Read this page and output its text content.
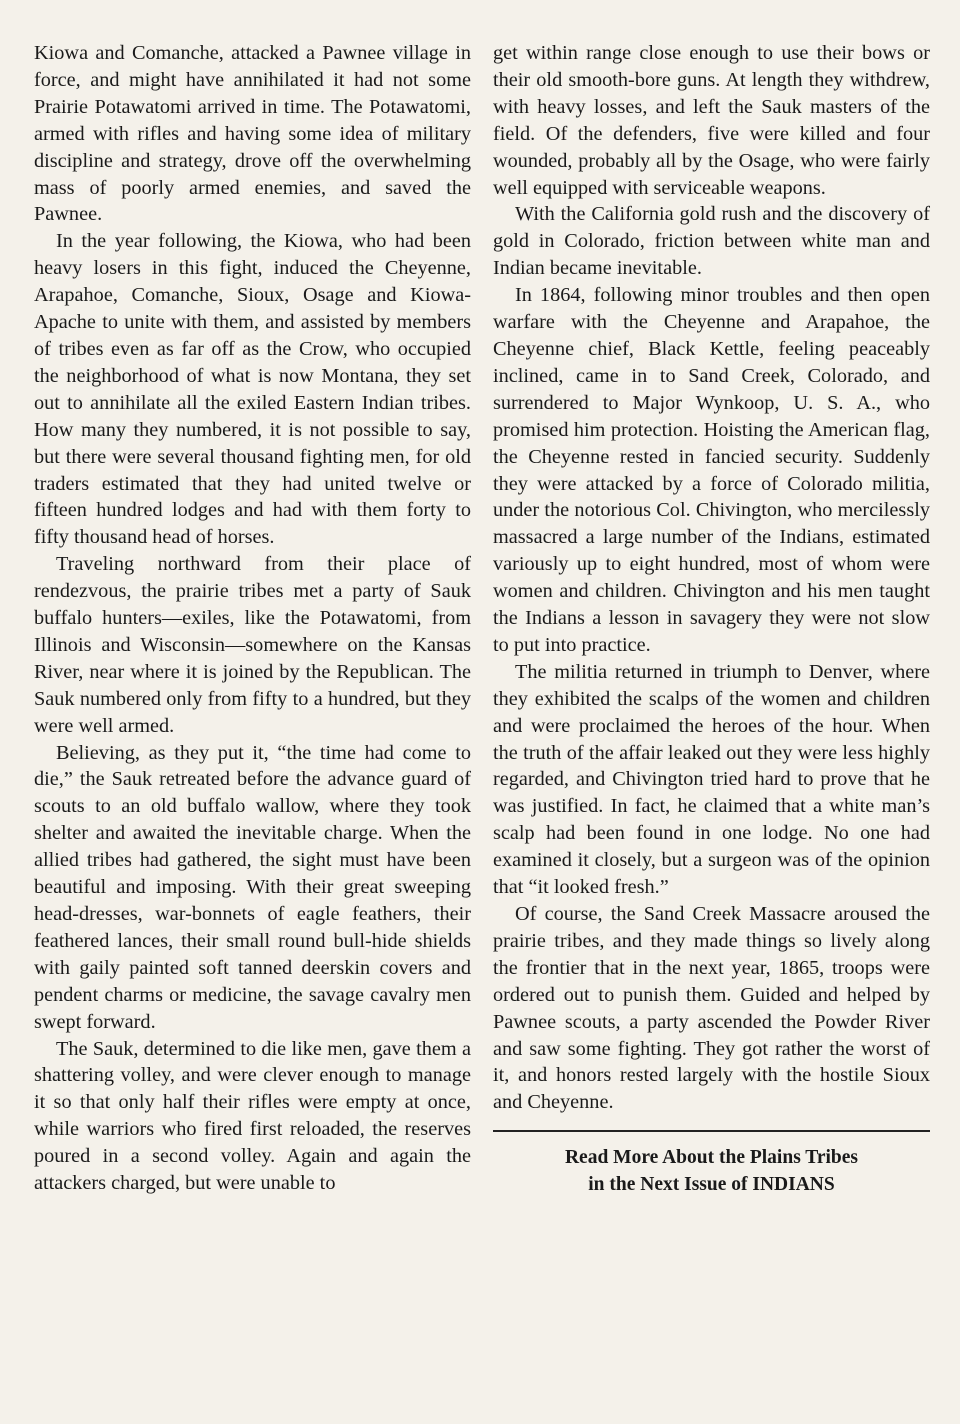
Kiowa and Comanche, attacked a Pawnee village in force, and might have annihilated it had not some Prairie Potawatomi arrived in time. The Potawatomi, armed with rifles and having some idea of military discipline and strategy, drove off the overwhelming mass of poorly armed enemies, and saved the Pawnee.

In the year following, the Kiowa, who had been heavy losers in this fight, induced the Cheyenne, Arapahoe, Comanche, Sioux, Osage and Kiowa-Apache to unite with them, and assisted by members of tribes even as far off as the Crow, who occupied the neighborhood of what is now Montana, they set out to annihilate all the exiled Eastern Indian tribes. How many they numbered, it is not possible to say, but there were several thousand fighting men, for old traders estimated that they had united twelve or fifteen hundred lodges and had with them forty to fifty thousand head of horses.

Traveling northward from their place of rendezvous, the prairie tribes met a party of Sauk buffalo hunters—exiles, like the Potawatomi, from Illinois and Wisconsin—somewhere on the Kansas River, near where it is joined by the Republican. The Sauk numbered only from fifty to a hundred, but they were well armed.

Believing, as they put it, “the time had come to die,” the Sauk retreated before the advance guard of scouts to an old buffalo wallow, where they took shelter and awaited the inevitable charge. When the allied tribes had gathered, the sight must have been beautiful and imposing. With their great sweeping head-dresses, war-bonnets of eagle feathers, their feathered lances, their small round bull-hide shields with gaily painted soft tanned deerskin covers and pendent charms or medicine, the savage cavalry men swept forward.

The Sauk, determined to die like men, gave them a shattering volley, and were clever enough to manage it so that only half their rifles were empty at once, while warriors who fired first reloaded, the reserves poured in a second volley. Again and again the attackers charged, but were unable to

get within range close enough to use their bows or their old smooth-bore guns. At length they withdrew, with heavy losses, and left the Sauk masters of the field. Of the defenders, five were killed and four wounded, probably all by the Osage, who were fairly well equipped with serviceable weapons.

With the California gold rush and the discovery of gold in Colorado, friction between white man and Indian became inevitable.

In 1864, following minor troubles and then open warfare with the Cheyenne and Arapahoe, the Cheyenne chief, Black Kettle, feeling peaceably inclined, came in to Sand Creek, Colorado, and surrendered to Major Wynkoop, U. S. A., who promised him protection. Hoisting the American flag, the Cheyenne rested in fancied security. Suddenly they were attacked by a force of Colorado militia, under the notorious Col. Chivington, who mercilessly massacred a large number of the Indians, estimated variously up to eight hundred, most of whom were women and children. Chivington and his men taught the Indians a lesson in savagery they were not slow to put into practice.

The militia returned in triumph to Denver, where they exhibited the scalps of the women and children and were proclaimed the heroes of the hour. When the truth of the affair leaked out they were less highly regarded, and Chivington tried hard to prove that he was justified. In fact, he claimed that a white man’s scalp had been found in one lodge. No one had examined it closely, but a surgeon was of the opinion that “it looked fresh.”

Of course, the Sand Creek Massacre aroused the prairie tribes, and they made things so lively along the frontier that in the next year, 1865, troops were ordered out to punish them. Guided and helped by Pawnee scouts, a party ascended the Powder River and saw some fighting. They got rather the worst of it, and honors rested largely with the hostile Sioux and Cheyenne.

Read More About the Plains Tribes
in the Next Issue of INDIANS
